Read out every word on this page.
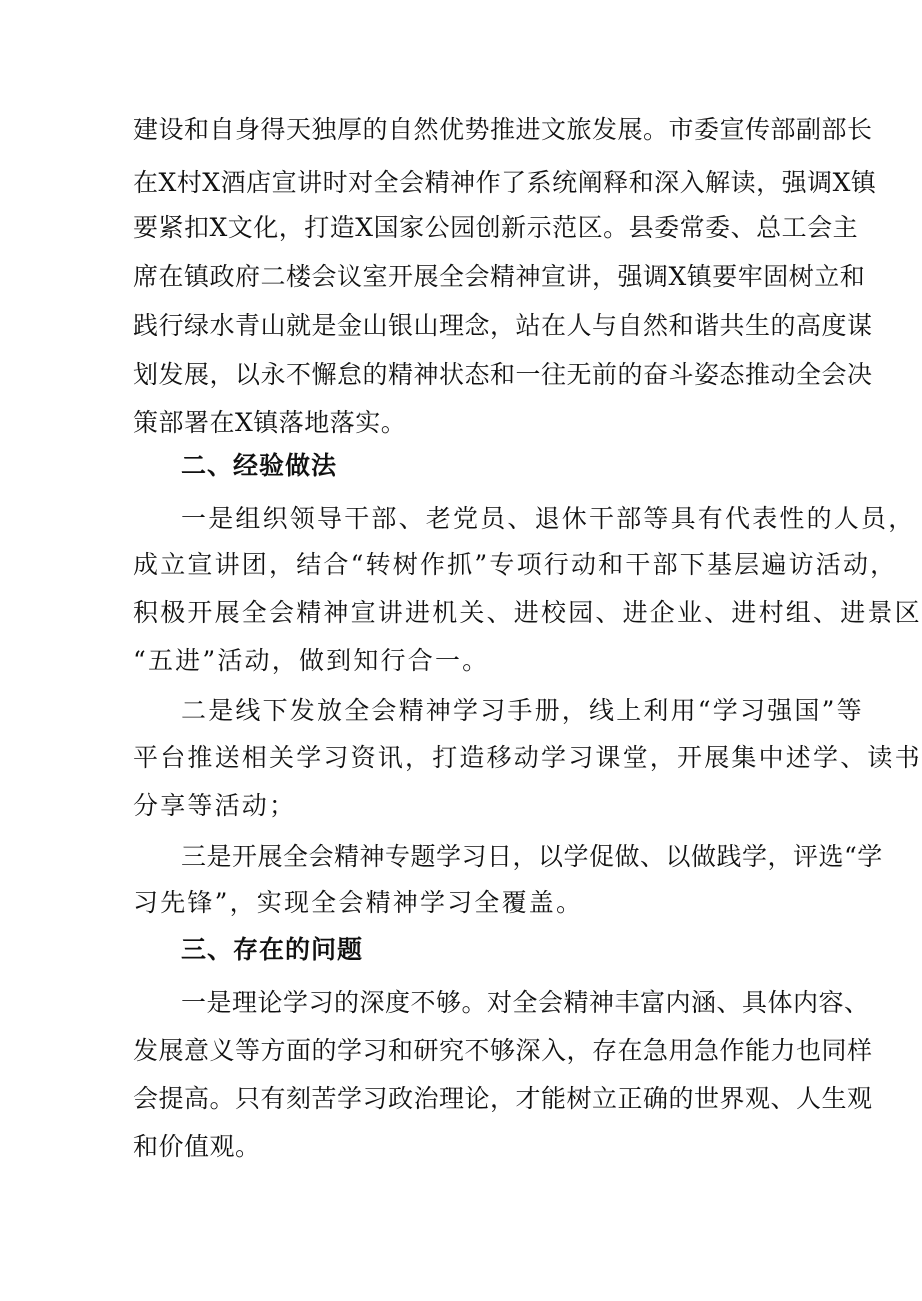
建设和自身得天独厚的自然优势推进文旅发展。市委宣传部副部长
在X村X酒店宣讲时对全会精神作了系统阐释和深入解读，强调X镇
要紧扣X文化，打造X国家公园创新示范区。县委常委、总工会主
席在镇政府二楼会议室开展全会精神宣讲，强调X镇要牢固树立和
践行绿水青山就是金山银山理念，站在人与自然和谐共生的高度谋
划发展，以永不懈怠的精神状态和一往无前的奋斗姿态推动全会决
策部署在X镇落地落实。
二、经验做法
一是组织领导干部、老党员、退休干部等具有代表性的人员，
成立宣讲团，结合“转树作抓”专项行动和干部下基层遍访活动，
积极开展全会精神宣讲进机关、进校园、进企业、进村组、进景区
“五进”活动，做到知行合一。
二是线下发放全会精神学习手册，线上利用“学习强国”等
平台推送相关学习资讯，打造移动学习课堂，开展集中述学、读书
分享等活动；
三是开展全会精神专题学习日，以学促做、以做践学，评选“学
习先锋”，实现全会精神学习全覆盖。
三、存在的问题
一是理论学习的深度不够。对全会精神丰富内涵、具体内容、
发展意义等方面的学习和研究不够深入，存在急用急作能力也同样
会提高。只有刻苦学习政治理论，才能树立正确的世界观、人生观
和价值观。
